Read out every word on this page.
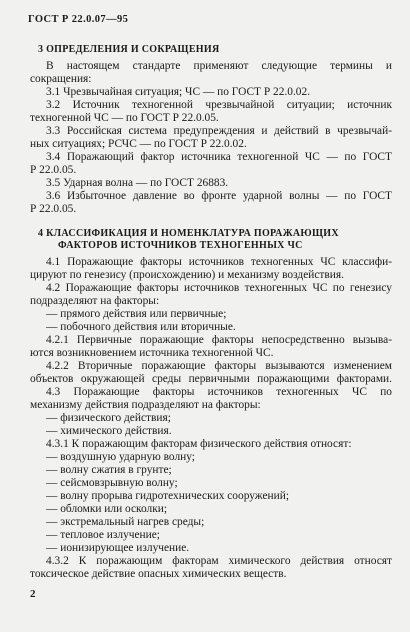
ГОСТ Р 22.0.07—95
3 ОПРЕДЕЛЕНИЯ И СОКРАЩЕНИЯ
В настоящем стандарте применяют следующие термины и
сокращения:
3.1 Чрезвычайная ситуация; ЧС — по ГОСТ Р 22.0.02.
3.2 Источник техногенной чрезвычайной ситуации; источник
техногенной ЧС — по ГОСТ Р 22.0.05.
3.3 Российская система предупреждения и действий в чрезвычай-
ных ситуациях; РСЧС — по ГОСТ Р 22.0.02.
3.4 Поражающий фактор источника техногенной ЧС — по ГОСТ
Р 22.0.05.
3.5 Ударная волна — по ГОСТ 26883.
3.6 Избыточное давление во фронте ударной волны — по ГОСТ
Р 22.0.05.
4 КЛАССИФИКАЦИЯ И НОМЕНКЛАТУРА ПОРАЖАЮЩИХ
ФАКТОРОВ ИСТОЧНИКОВ ТЕХНОГЕННЫХ ЧС
4.1 Поражающие факторы источников техногенных ЧС классифи-
цируют по генезису (происхождению) и механизму воздействия.
4.2 Поражающие факторы источников техногенных ЧС по генезису
подразделяют на факторы:
— прямого действия или первичные;
— побочного действия или вторичные.
4.2.1 Первичные поражающие факторы непосредственно вызыва-
ются возникновением источника техногенной ЧС.
4.2.2 Вторичные поражающие факторы вызываются изменением
объектов окружающей среды первичными поражающими факторами.
4.3 Поражающие факторы источников техногенных ЧС по
механизму действия подразделяют на факторы:
— физического действия;
— химического действия.
4.3.1 К поражающим факторам физического действия относят:
— воздушную ударную волну;
— волну сжатия в грунте;
— сейсмовзрывную волну;
— волну прорыва гидротехнических сооружений;
— обломки или осколки;
— экстремальный нагрев среды;
— тепловое излучение;
— ионизирующее излучение.
4.3.2 К поражающим факторам химического действия относят
токсическое действие опасных химических веществ.
2
